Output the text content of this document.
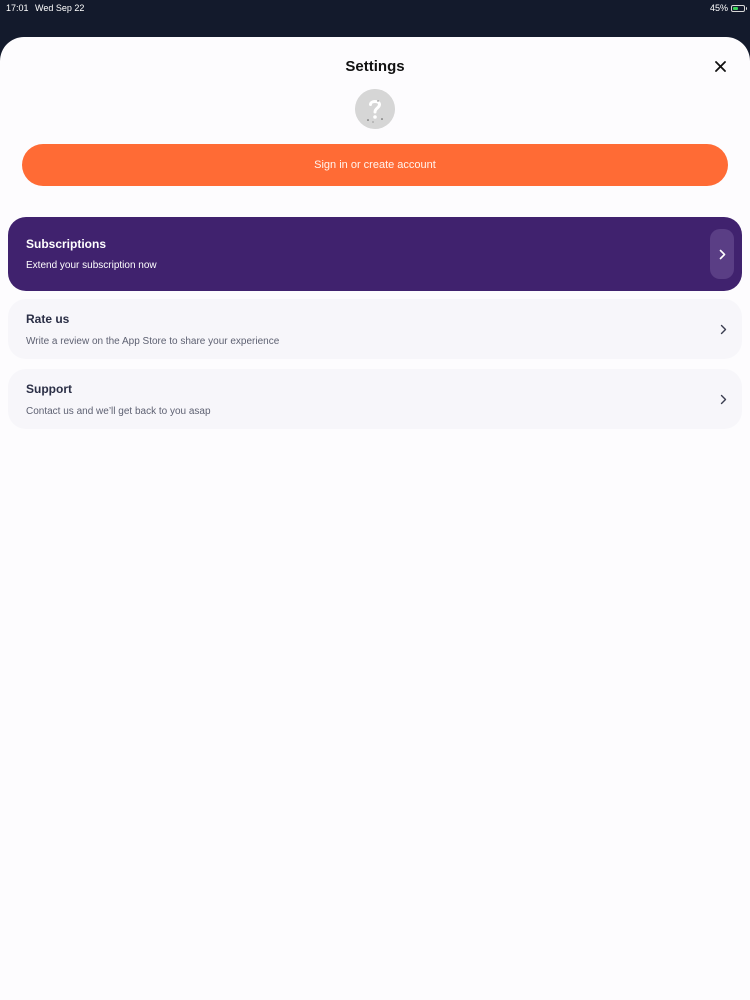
17:01 Wed Sep 22	45%
Settings
Sign in or create account
Subscriptions
Extend your subscription now
Rate us
Write a review on the App Store to share your experience
Support
Contact us and we’ll get back to you asap
